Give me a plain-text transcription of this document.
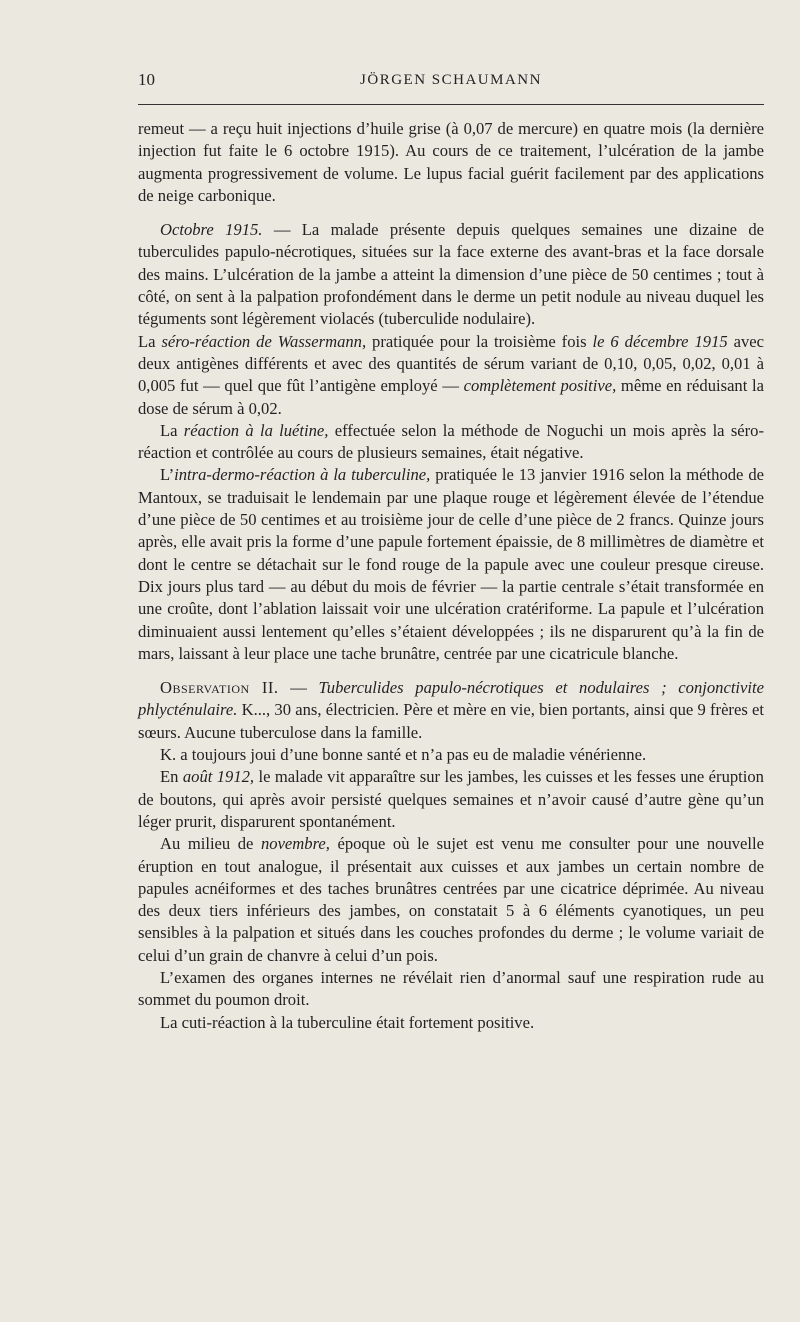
10	JÖRGEN SCHAUMANN

remeut — a reçu huit injections d’huile grise (à 0,07 de mercure) en quatre mois (la dernière injection fut faite le 6 octobre 1915). Au cours de ce traitement, l’ulcération de la jambe augmenta progressivement de volume. Le lupus facial guérit facilement par des applications de neige carbonique.

Octobre 1915. — La malade présente depuis quelques semaines une dizaine de tuberculides papulo-nécrotiques, situées sur la face externe des avant-bras et la face dorsale des mains. L’ulcération de la jambe a atteint la dimension d’une pièce de 50 centimes ; tout à côté, on sent à la palpation profondément dans le derme un petit nodule au niveau duquel les téguments sont légèrement violacés (tuberculide nodulaire).

La séro-réaction de Wassermann, pratiquée pour la troisième fois le 6 décembre 1915 avec deux antigènes différents et avec des quantités de sérum variant de 0,10, 0,05, 0,02, 0,01 à 0,005 fut — quel que fût l’antigène employé — complètement positive, même en réduisant la dose de sérum à 0,02.

La réaction à la luétine, effectuée selon la méthode de Noguchi un mois après la séro-réaction et contrôlée au cours de plusieurs semaines, était négative.

L’intra-dermo-réaction à la tuberculine, pratiquée le 13 janvier 1916 selon la méthode de Mantoux, se traduisait le lendemain par une plaque rouge et légèrement élevée de l’étendue d’une pièce de 50 centimes et au troisième jour de celle d’une pièce de 2 francs. Quinze jours après, elle avait pris la forme d’une papule fortement épaissie, de 8 millimètres de diamètre et dont le centre se détachait sur le fond rouge de la papule avec une couleur presque cireuse. Dix jours plus tard — au début du mois de février — la partie centrale s’était transformée en une croûte, dont l’ablation laissait voir une ulcération cratériforme. La papule et l’ulcération diminuaient aussi lentement qu’elles s’étaient développées ; ils ne disparurent qu’à la fin de mars, laissant à leur place une tache brunâtre, centrée par une cicatricule blanche.

Observation II. — Tuberculides papulo-nécrotiques et nodulaires ; conjonctivite phlycténulaire. K..., 30 ans, électricien. Père et mère en vie, bien portants, ainsi que 9 frères et sœurs. Aucune tuberculose dans la famille.

K. a toujours joui d’une bonne santé et n’a pas eu de maladie vénérienne.

En août 1912, le malade vit apparaître sur les jambes, les cuisses et les fesses une éruption de boutons, qui après avoir persisté quelques semaines et n’avoir causé d’autre gène qu’un léger prurit, disparurent spontanément.

Au milieu de novembre, époque où le sujet est venu me consulter pour une nouvelle éruption en tout analogue, il présentait aux cuisses et aux jambes un certain nombre de papules acnéiformes et des taches brunâtres centrées par une cicatrice déprimée. Au niveau des deux tiers inférieurs des jambes, on constatait 5 à 6 éléments cyanotiques, un peu sensibles à la palpation et situés dans les couches profondes du derme ; le volume variait de celui d’un grain de chanvre à celui d’un pois.

L’examen des organes internes ne révélait rien d’anormal sauf une respiration rude au sommet du poumon droit.

La cuti-réaction à la tuberculine était fortement positive.
